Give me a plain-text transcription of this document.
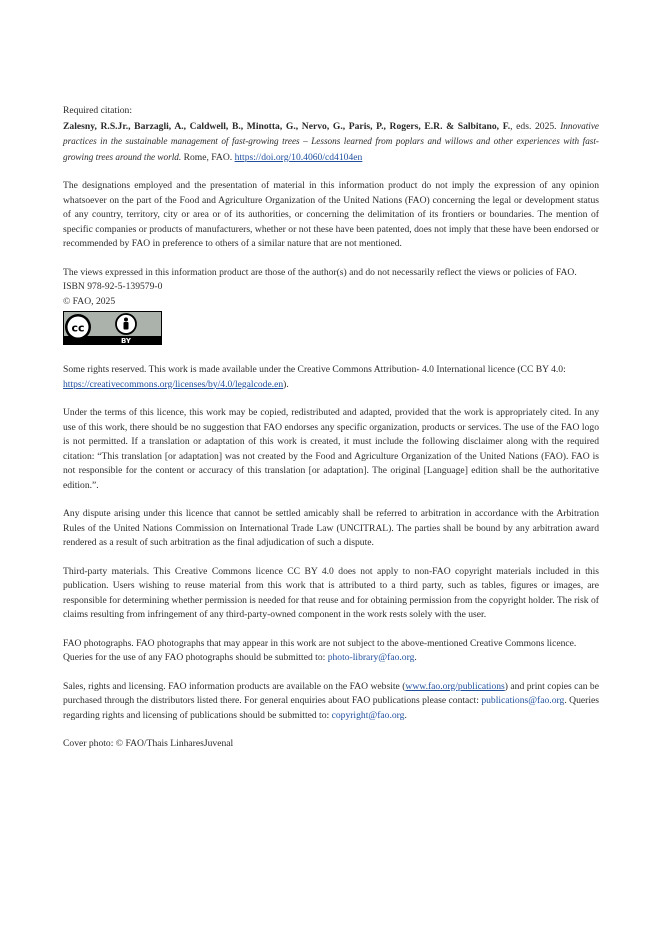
Required citation:

Zalesny, R.S.Jr., Barzagli, A., Caldwell, B., Minotta, G., Nervo, G., Paris, P., Rogers, E.R. & Salbitano, F., eds. 2025. Innovative practices in the sustainable management of fast-growing trees – Lessons learned from poplars and willows and other experiences with fast-growing trees around the world. Rome, FAO. https://doi.org/10.4060/cd4104en

The designations employed and the presentation of material in this information product do not imply the expression of any opinion whatsoever on the part of the Food and Agriculture Organization of the United Nations (FAO) concerning the legal or development status of any country, territory, city or area or of its authorities, or concerning the delimitation of its frontiers or boundaries. The mention of specific companies or products of manufacturers, whether or not these have been patented, does not imply that these have been endorsed or recommended by FAO in preference to others of a similar nature that are not mentioned.

The views expressed in this information product are those of the author(s) and do not necessarily reflect the views or policies of FAO.

ISBN 978-92-5-139579-0

© FAO, 2025

cc
BY

Some rights reserved. This work is made available under the Creative Commons Attribution- 4.0 International licence (CC BY 4.0: https://creativecommons.org/licenses/by/4.0/legalcode.en).

Under the terms of this licence, this work may be copied, redistributed and adapted, provided that the work is appropriately cited. In any use of this work, there should be no suggestion that FAO endorses any specific organization, products or services. The use of the FAO logo is not permitted. If a translation or adaptation of this work is created, it must include the following disclaimer along with the required citation: “This translation [or adaptation] was not created by the Food and Agriculture Organization of the United Nations (FAO). FAO is not responsible for the content or accuracy of this translation [or adaptation]. The original [Language] edition shall be the authoritative edition.”.

Any dispute arising under this licence that cannot be settled amicably shall be referred to arbitration in accordance with the Arbitration Rules of the United Nations Commission on International Trade Law (UNCITRAL). The parties shall be bound by any arbitration award rendered as a result of such arbitration as the final adjudication of such a dispute.

Third-party materials. This Creative Commons licence CC BY 4.0 does not apply to non-FAO copyright materials included in this publication. Users wishing to reuse material from this work that is attributed to a third party, such as tables, figures or images, are responsible for determining whether permission is needed for that reuse and for obtaining permission from the copyright holder. The risk of claims resulting from infringement of any third-party-owned component in the work rests solely with the user.

FAO photographs. FAO photographs that may appear in this work are not subject to the above-mentioned Creative Commons licence. Queries for the use of any FAO photographs should be submitted to: photo-library@fao.org.

Sales, rights and licensing. FAO information products are available on the FAO website (www.fao.org/publications) and print copies can be purchased through the distributors listed there. For general enquiries about FAO publications please contact: publications@fao.org. Queries regarding rights and licensing of publications should be submitted to: copyright@fao.org.

Cover photo: © FAO/Thais LinharesJuvenal
